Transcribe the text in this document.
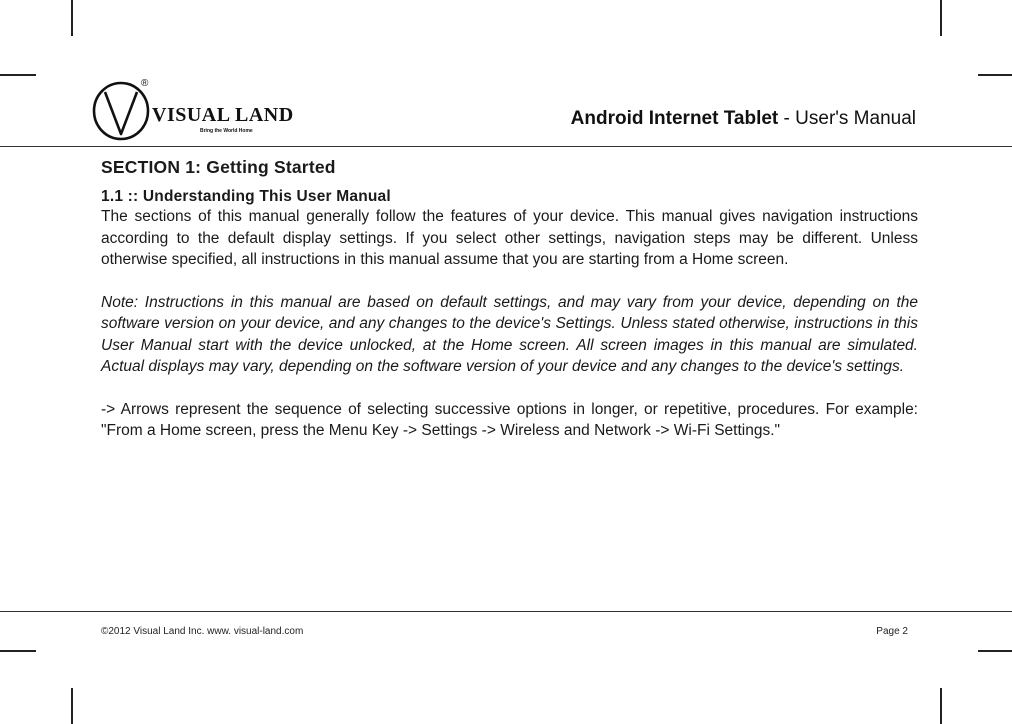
®
VISUAL LAND
Bring the World Home
Android Internet Tablet - User's Manual
SECTION 1: Getting Started
1.1 :: Understanding This User Manual

The sections of this manual generally follow the features of your device. This manual gives navigation instructions according to the default display settings. If you select other settings, navigation steps may be different. Unless otherwise specified, all instructions in this manual assume that you are starting from a Home screen.

Note: Instructions in this manual are based on default settings, and may vary from your device, depending on the software version on your device, and any changes to the device's Settings. Unless stated otherwise, instructions in this User Manual start with the device unlocked, at the Home screen. All screen images in this manual are simulated. Actual displays may vary, depending on the software version of your device and any changes to the device's settings.

-> Arrows represent the sequence of selecting successive options in longer, or repetitive, procedures. For example: "From a Home screen, press the Menu Key -> Settings -> Wireless and Network -> Wi-Fi Settings."

©2012 Visual Land Inc. www. visual-land.com	Page 2
